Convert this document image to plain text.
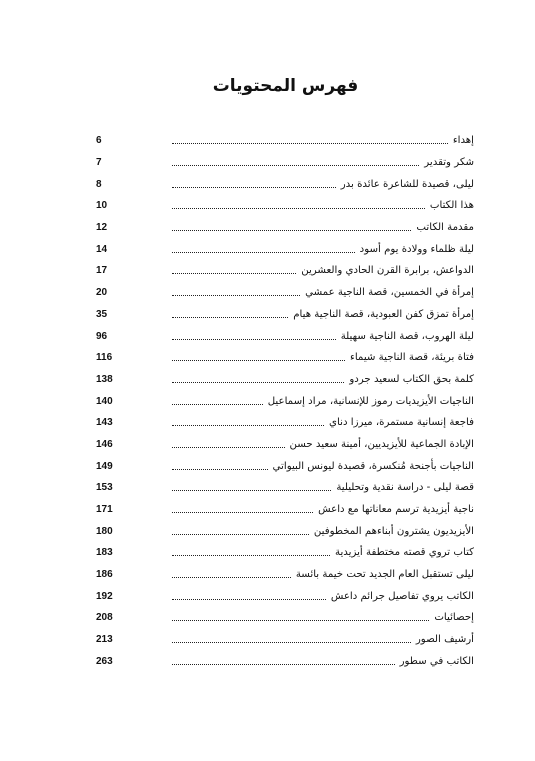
فهرس المحتويات
6	إهداء
7	شكر وتقدير
8	ليلى، قصيدة للشاعرة عائدة بدر
10	هذا الكتاب
12	مقدمة الكاتب
14	ليلة ظلماء وولادة يوم أسود
17	الدواعش، برابرة القرن الحادي والعشرين
20	إمرأة في الخمسين، قصة الناجية عمشي
35	إمرأة تمزق كفن العبودية، قصة الناجية هيام
96	ليلة الهروب، قصة الناجية سهيلة
116	فتاة بريئة، قصة الناجية شيماء
138	كلمة بحق الكتاب لسعيد جردو
140	الناجيات الأيزيديات رموز للإنسانية، مراد إسماعيل
143	فاجعة إنسانية مستمرة، ميرزا دناي
146	الإبادة الجماعية للأيزيديين، أمينة سعيد حسن
149	الناجيات بأجنحة مُنكسرة، قصيدة ليونس البيواتي
153	قصة ليلى - دراسة نقدية وتحليلية
171	ناجية أيزيدية ترسم معاناتها مع داعش
180	الأيزيديون يشترون أبناءهم المخطوفين
183	كتاب تروي قصته مختطفة أيزيدية
186	ليلى تستقبل العام الجديد تحت خيمة بائسة
192	الكاتب يروي تفاصيل جرائم داعش
208	إحصائيات
213	أرشيف الصور
263	الكاتب في سطور
